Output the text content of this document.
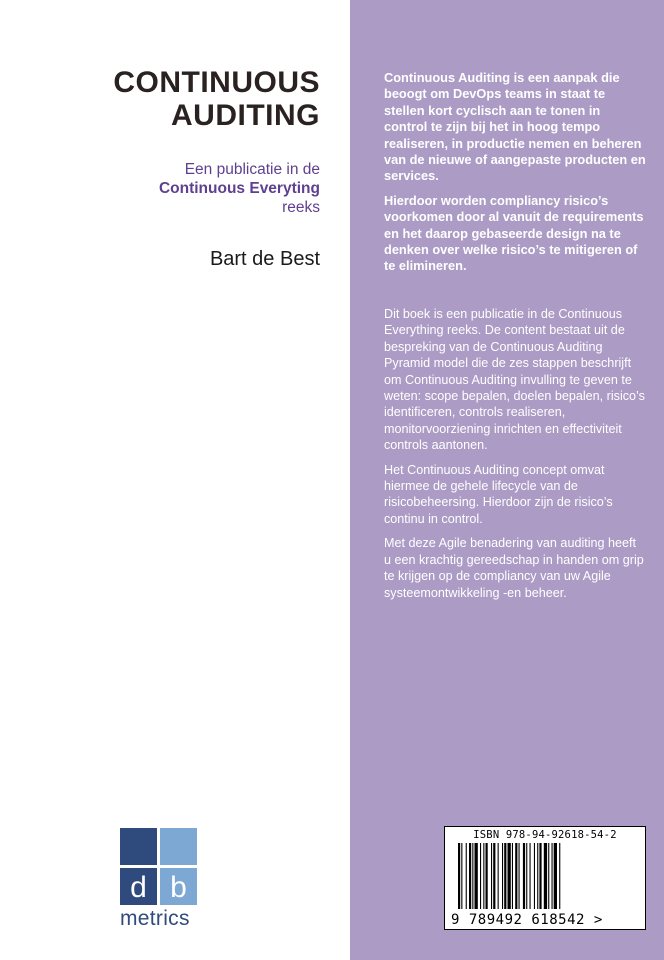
CONTINUOUS
AUDITING
Een publicatie in de
Continuous Everyting
reeks
Bart de Best
d b
metrics

Continuous Auditing is een aanpak die beoogt om DevOps teams in staat te stellen kort cyclisch aan te tonen in control te zijn bij het in hoog tempo realiseren, in productie nemen en beheren van de nieuwe of aangepaste producten en services.

Hierdoor worden compliancy risico’s voorkomen door al vanuit de requirements en het daarop gebaseerde design na te denken over welke risico’s te mitigeren of te elimineren.

Dit boek is een publicatie in de Continuous Everything reeks. De content bestaat uit de bespreking van de Continuous Auditing Pyramid model die de zes stappen beschrijft om Continuous Auditing invulling te geven te weten: scope bepalen, doelen bepalen, risico’s identificeren, controls realiseren, monitorvoorziening inrichten en effectiviteit controls aantonen.

Het Continuous Auditing concept omvat hiermee de gehele lifecycle van de risicobeheersing. Hierdoor zijn de risico’s continu in control.

Met deze Agile benadering van auditing heeft u een krachtig gereedschap in handen om grip te krijgen op de compliancy van uw Agile systeemontwikkeling -en beheer.

ISBN 978-94-92618-54-2
9 789492 618542 >
